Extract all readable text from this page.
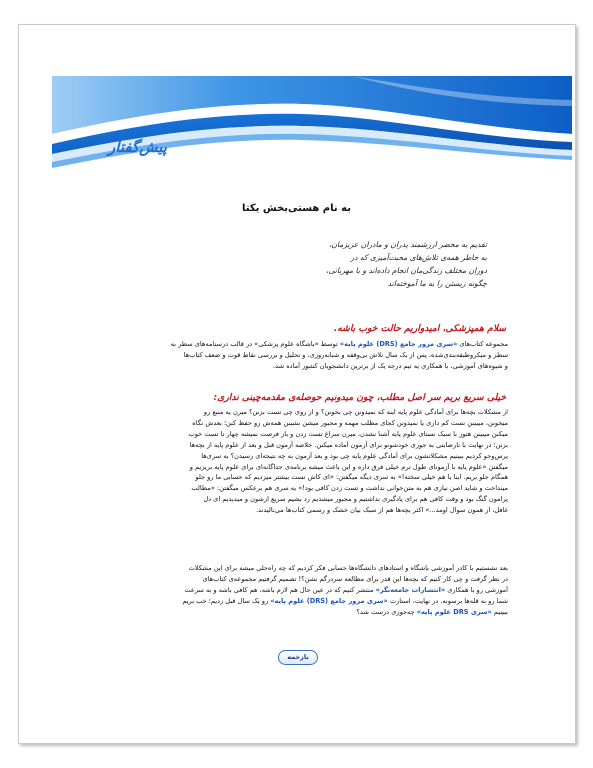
پیش‌گفتار
به نام هستی‌بخش یکتا
تقدیم به محضر ارزشمند پدران و مادران عزیز‌مان،
به خاطر همه‌ی تلاش‌های محبت‌آمیزی که در
دوران مختلف زندگی‌مان انجام داده‌اند و با مهربانی،
چگونه زیستن را به ما آموخته‌اند
سلام همپزشکی، امیدواریم حالت خوب باشه.
مجموعه کتاب‌های «سری مرور جامع (DRS) علوم پایه» توسط «باشگاه علوم پزشکی» در قالب درسنامه‌های سطر به
سطر و میکروطبقه‌بندی‌شده، پس از یک سال تلاش بی‌وقفه و شبانه‌روزی، و تحلیل و بررسی نقاط قوت و ضعف کتاب‌ها
و شیوه‌های آموزشی، با همکاری یه تیم درجه یک از برترین دانشجویان کشور آماده شد.
خیلی سریع بریم سر اصل مطلب، چون میدونیم حوصله‌ی مقدمه‌چینی نداری:
از مشکلات بچه‌ها برای آمادگی علوم پایه اینه که نمیدونن چی بخونن؟ و از روی چی تست بزنن؟ میرن یه منبع رو
میخونن، میبینن تست کم داری یا نمیدونن کجای مطلب مهمه و مجبور میشن بشینن همه‌ش رو حفظ کنن؛ بعدش نگاه
میکنن میبینن هنوز با سبک تستای علوم پایه آشنا نشدن، میرن سراغ تست زدن و باز فرصت نمیشه چهار تا تست خوب
بزنن؛ در نهایت با نارضایتی به جوری خودشونو برای آزمون آماده میکنن. خلاصه آزمون قبل و بعد از علوم پایه از بچه‌ها
پرس‌وجو کردیم ببینیم مشکلاتشون برای آمادگی علوم پایه چی بود و بعد آزمون به چه نتیجه‌ای رسیدن؟ به سری‌ها
میگفتن «علوم پایه با آزمونای طول ترم خیلی فرق داره و این باعث میشه برنامه‌ی جداگانه‌ای برای علوم پایه بریزیم و
همگام جلو بریم. اینا یا هم خیلی سخته!» به سری دیگه میگفتن: «ای کاش تست بیشتر میزدیم که حسابی ما رو جلو
مینداخت و شاید اصن نیازی هم به متن‌خوانی نداشت و تست زدن کافی بود!» یه سری هم برعکس میگفتن: «مطالب
پرامون گنگ بود و وقت کافی هم برای یادگیری نداشتیم و مجبور میشدیم رد بشیم سریع ازشون و میدیدیم ای دل
غافل، از همون سوال اومد...» اکثر بچه‌ها هم از سبک بیان خشک و رسمی کتاب‌ها می‌نالیدند.
بعد نشستیم با کادر آموزشی باشگاه و استادهای دانشگاه‌ها حسابی فکر کردیم که چه راه‌حلی میشه برای این مشکلات
در نظر گرفت و چی کار کنیم که بچه‌ها این قدر برای مطالعه سردرگم نشن؟! تصمیم گرفتیم مجموعه‌ی کتاب‌های
آموزشی رو با همکاری «انتشارات جامعه‌نگر» منتشر کنیم که در عین حال هم لازم باشه، هم کافی باشه و به سرعت
شما رو به قله‌ها برسونه. در نهایت، استارت «سری مرور جامع (DRS) علوم پایه» رو یک سال قبل زدیم؛ خب بریم
ببینیم «سری DRS علوم پایه» چه‌جوری درست شد؟
بازخمه
